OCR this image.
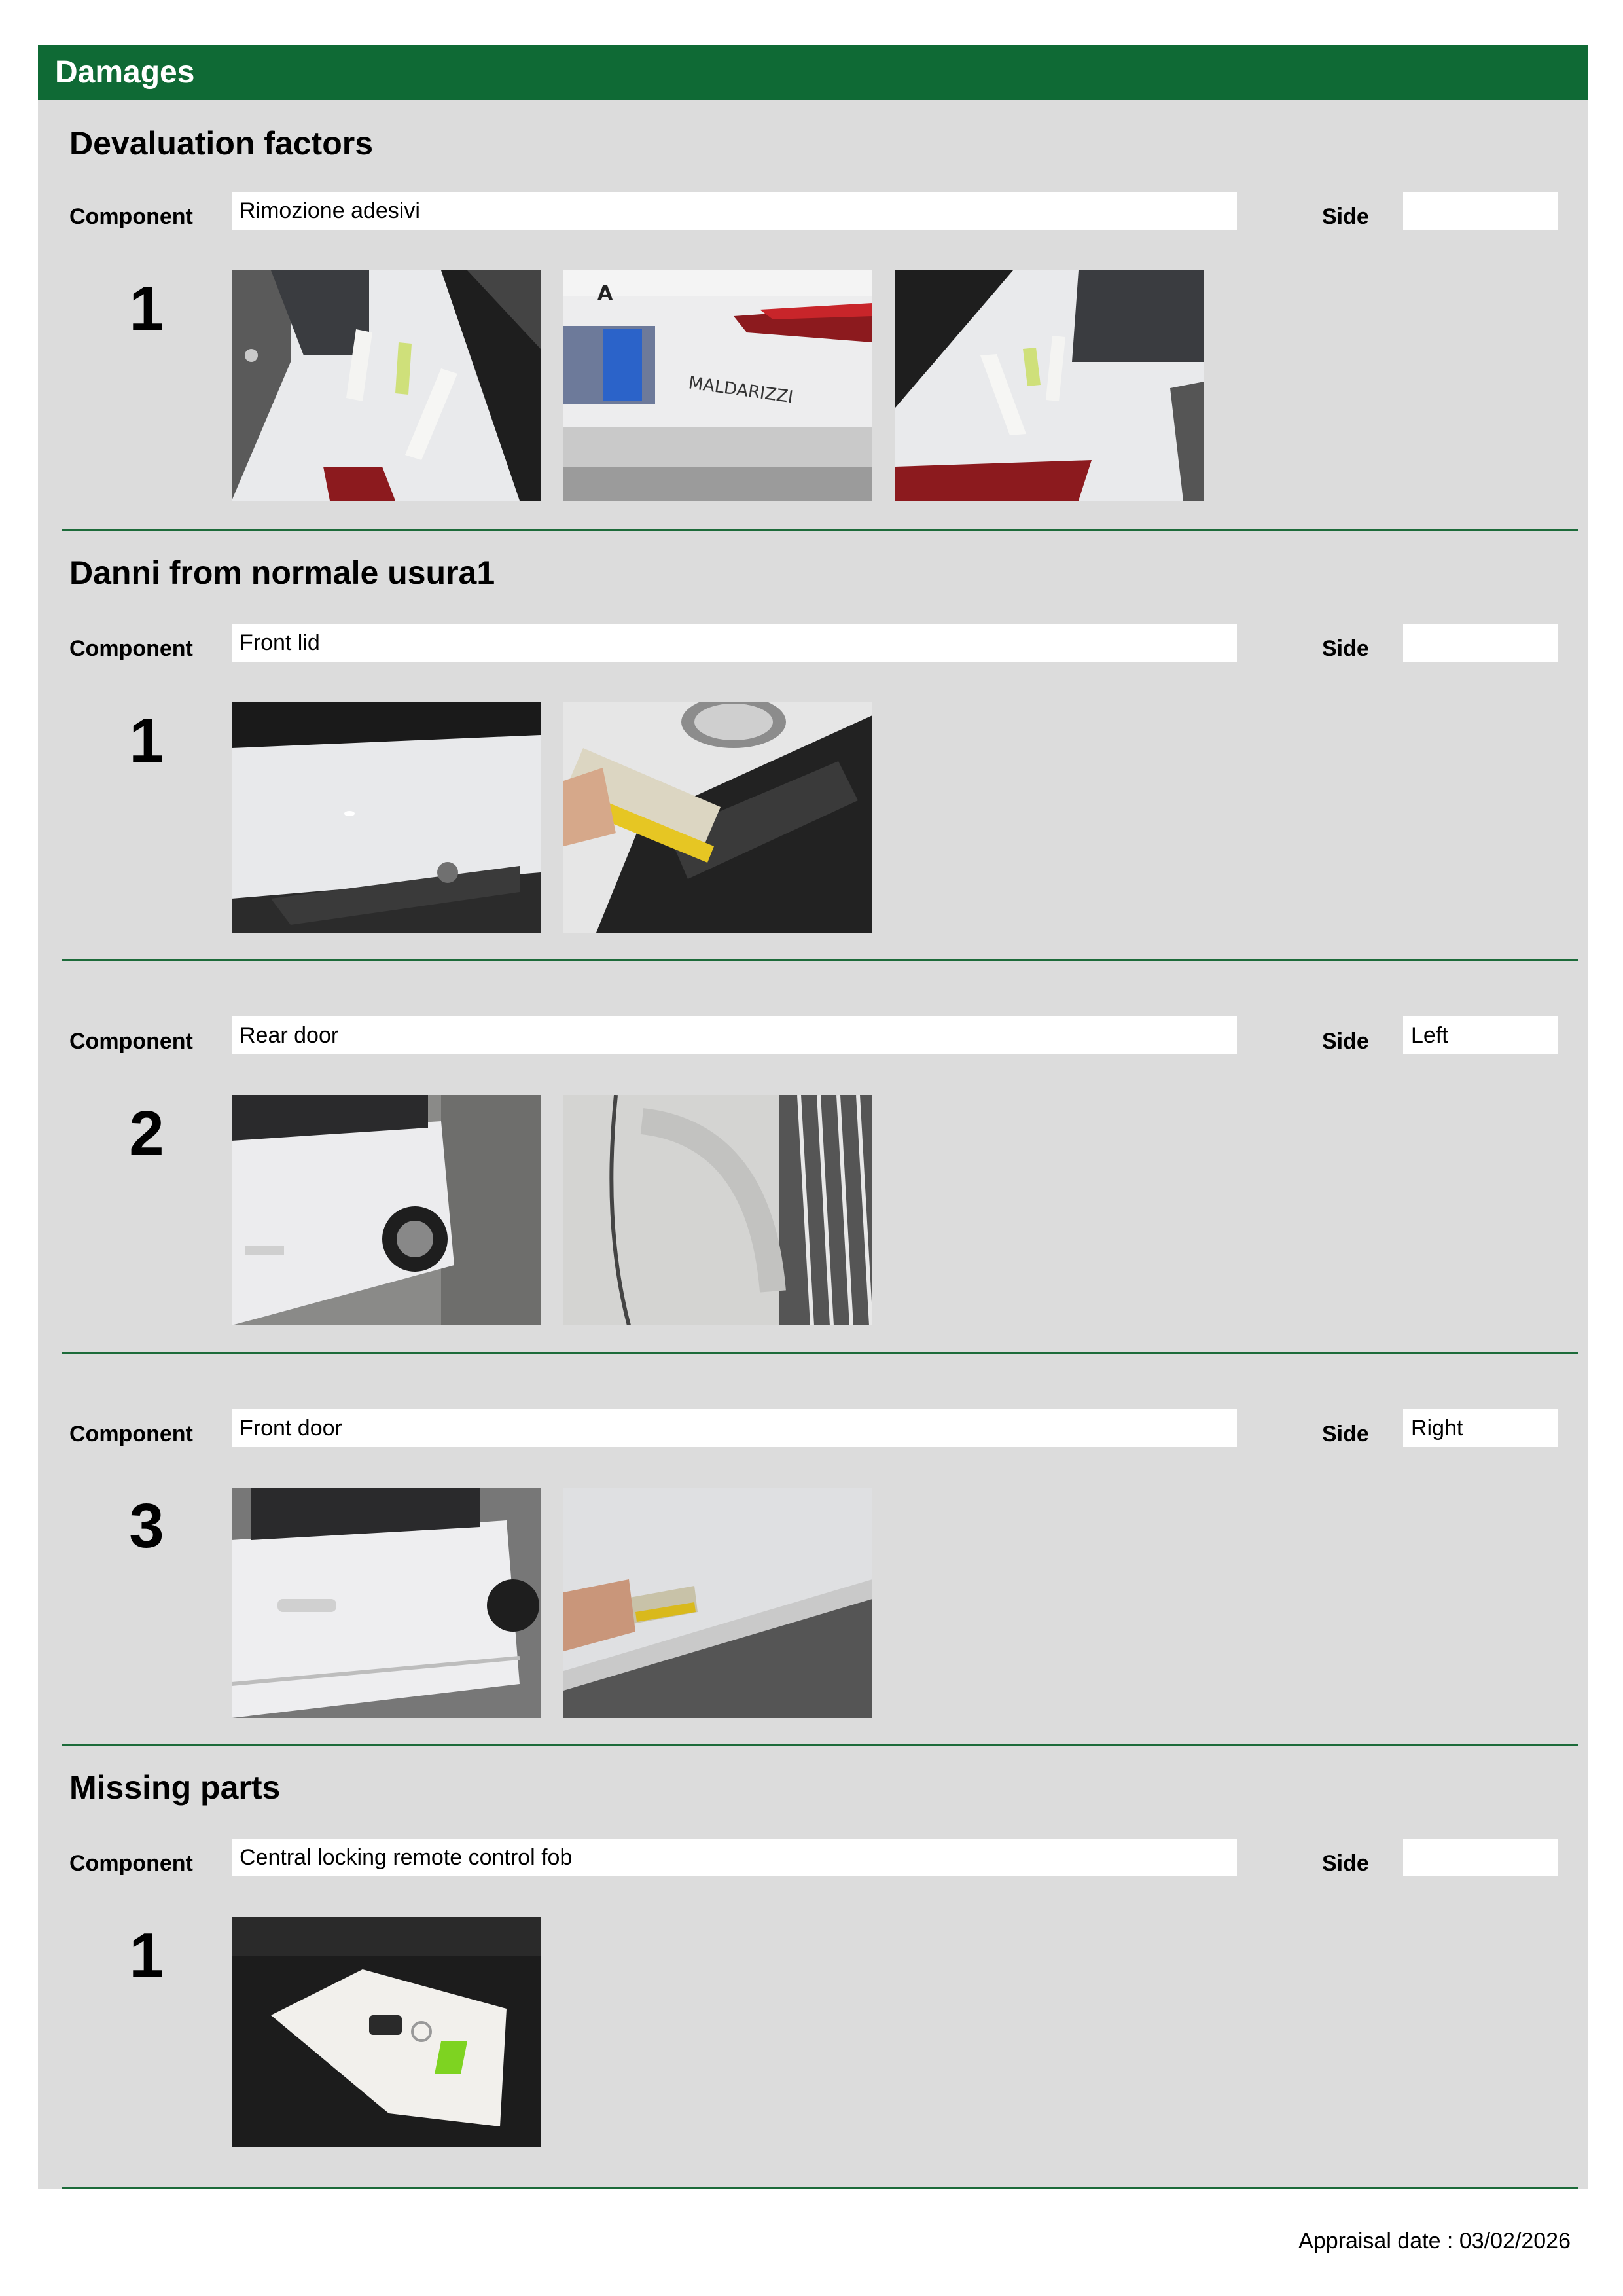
Damages
Devaluation factors
Component	Rimozione adesivi	Side
1
MALDARIZZI
A
Danni from normale usura1
Component	Front lid	Side
1
Component	Rear door	Side	Left
2
Component	Front door	Side	Right
3
Missing parts
Component	Central locking remote control fob	Side
1
Appraisal date : 03/02/2026
